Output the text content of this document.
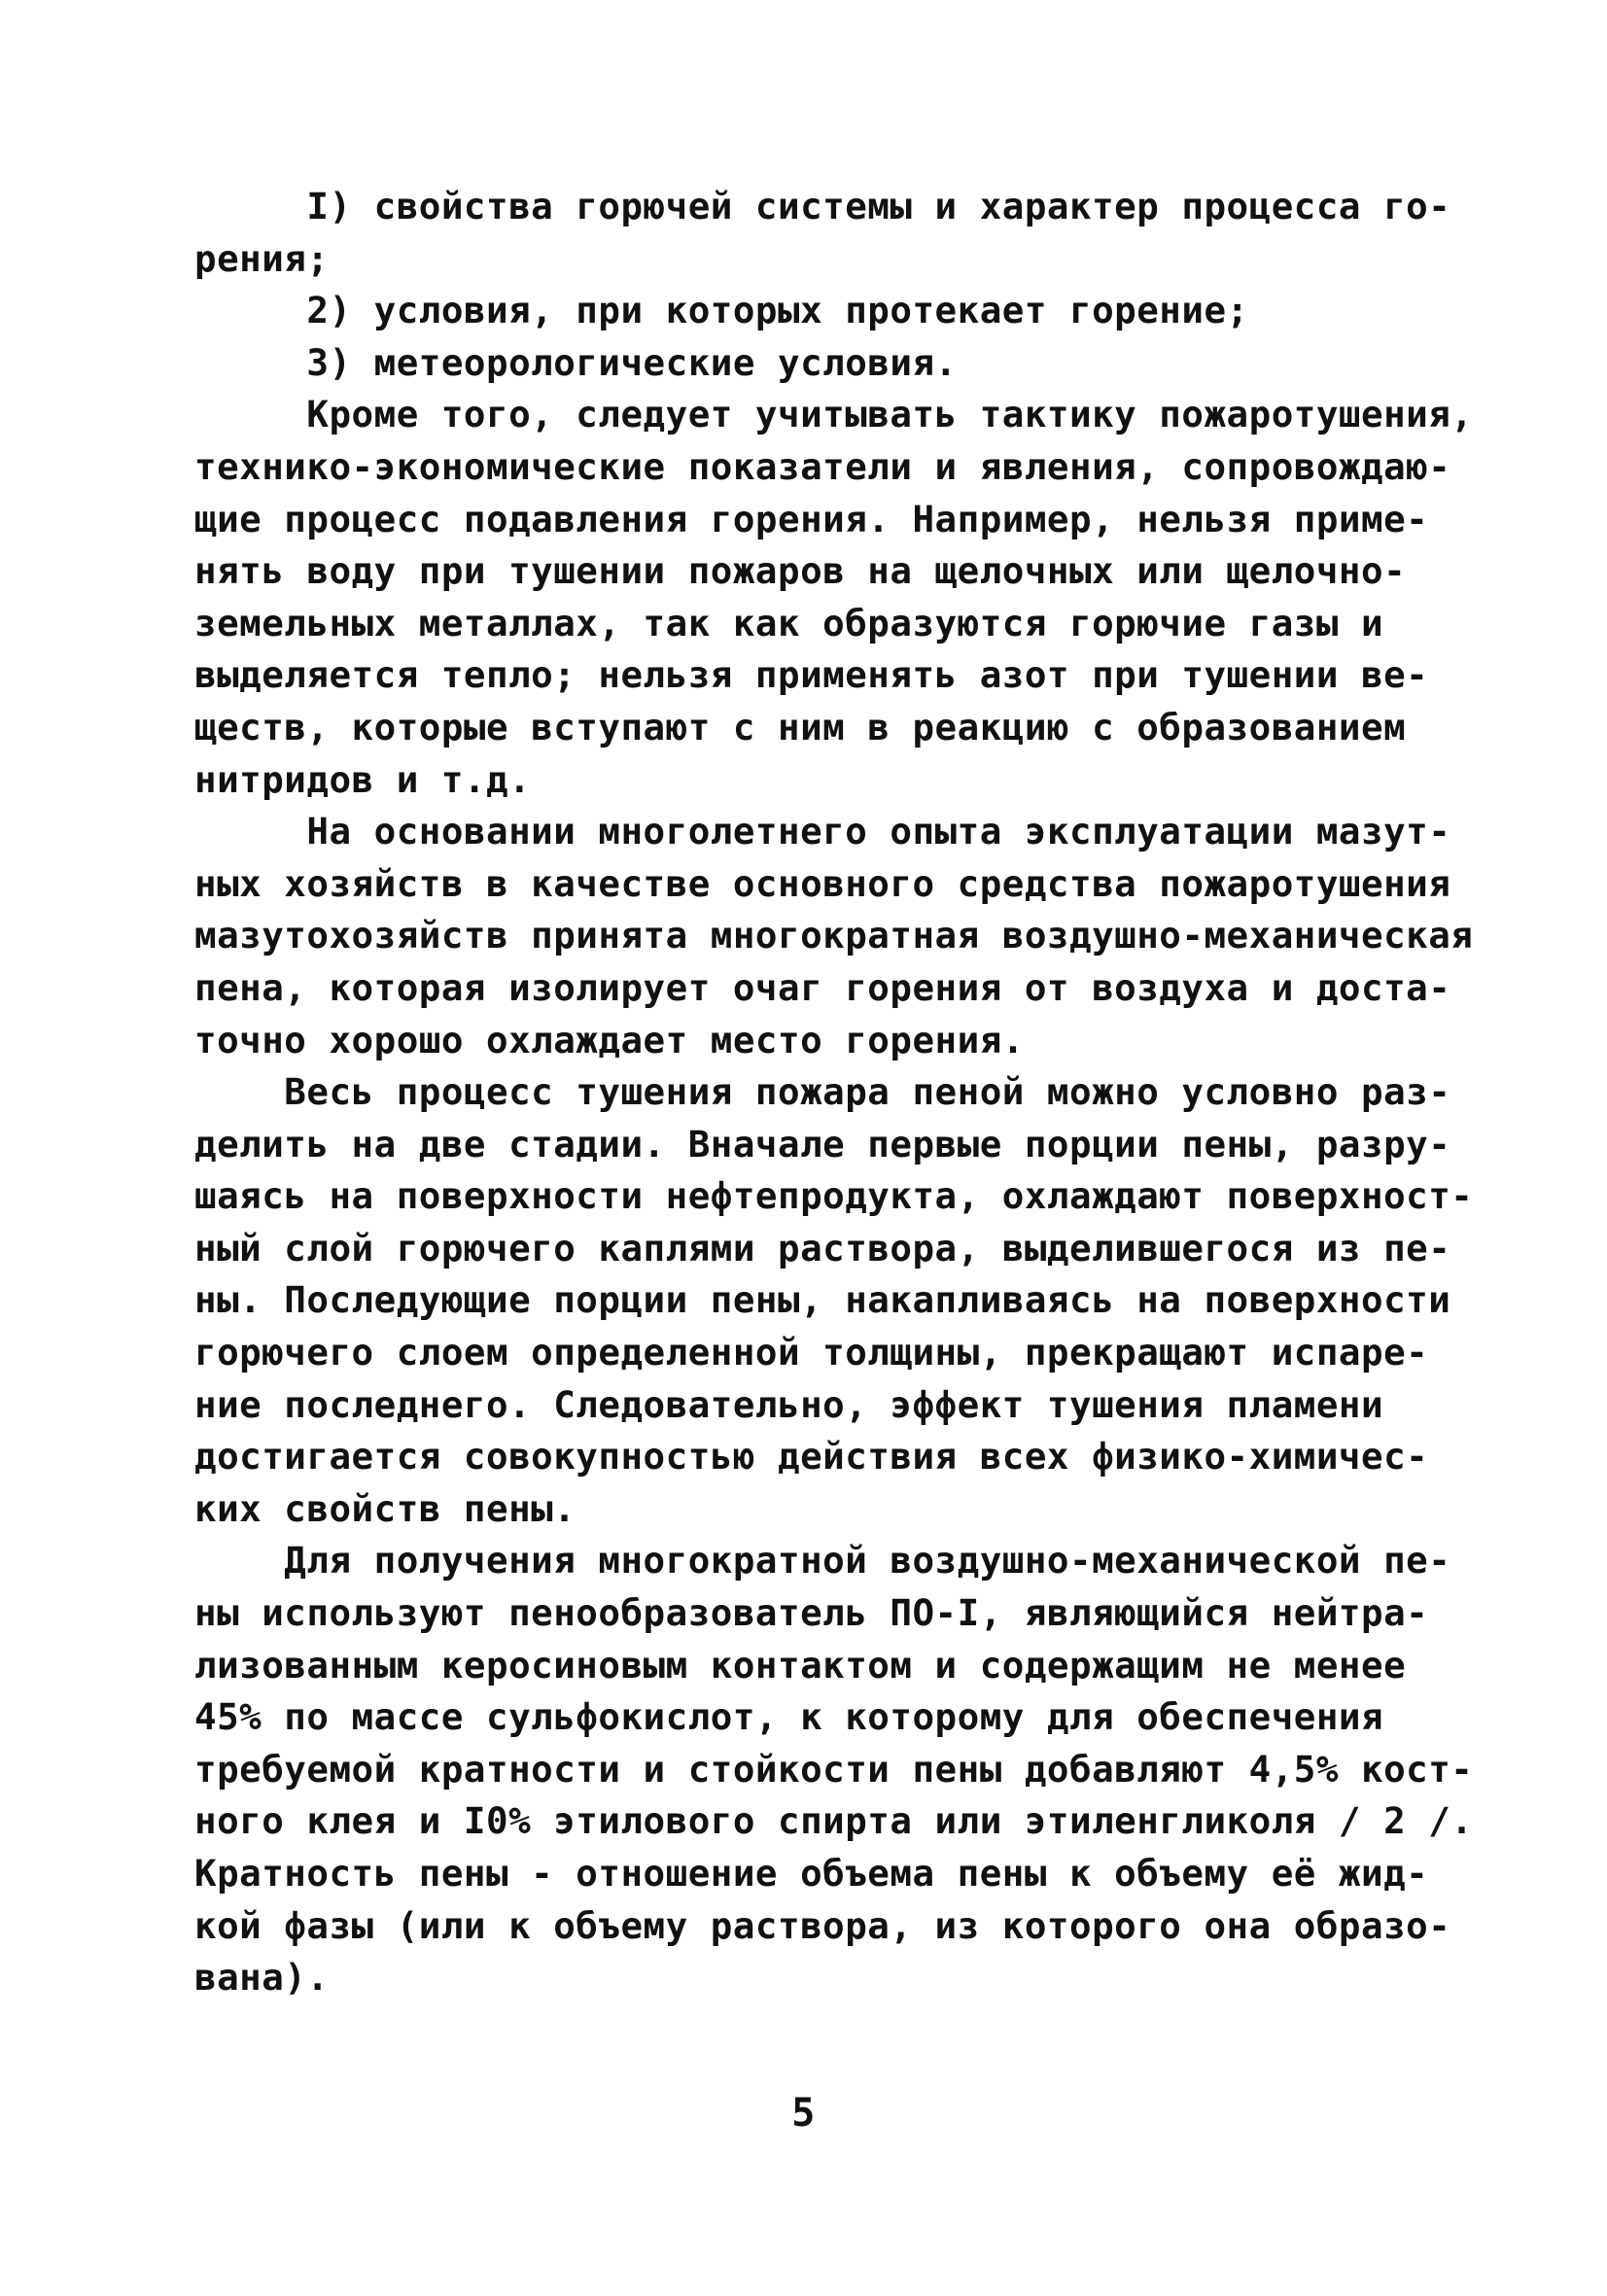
I) свойства горючей системы и характер процесса го-
рения;
2) условия, при которых протекает горение;
3) метеорологические условия.
Кроме того, следует учитывать тактику пожаротушения,
технико-экономические показатели и явления, сопровождаю-
щие процесс подавления горения. Например, нельзя приме-
нять воду при тушении пожаров на щелочных или щелочно-
земельных металлах, так как образуются горючие газы и
выделяется тепло; нельзя применять азот при тушении ве-
ществ, которые вступают с ним в реакцию с образованием
нитридов и т.д.
На основании многолетнего опыта эксплуатации мазут-
ных хозяйств в качестве основного средства пожаротушения
мазутохозяйств принята многократная воздушно-механическая
пена, которая изолирует очаг горения от воздуха и доста-
точно хорошо охлаждает место горения.
Весь процесс тушения пожара пеной можно условно раз-
делить на две стадии. Вначале первые порции пены, разру-
шаясь на поверхности нефтепродукта, охлаждают поверхност-
ный слой горючего каплями раствора, выделившегося из пе-
ны. Последующие порции пены, накапливаясь на поверхности
горючего слоем определенной толщины, прекращают испаре-
ние последнего. Следовательно, эффект тушения пламени
достигается совокупностью действия всех физико-химичес-
ких свойств пены.
Для получения многократной воздушно-механической пе-
ны используют пенообразователь ПО-I, являющийся нейтра-
лизованным керосиновым контактом и содержащим не менее
45% по массе сульфокислот, к которому для обеспечения
требуемой кратности и стойкости пены добавляют 4,5% кост-
ного клея и I0% этилового спирта или этиленгликоля / 2 /.
Кратность пены - отношение объема пены к объему её жид-
кой фазы (или к объему раствора, из которого она образо-
вана).
5
